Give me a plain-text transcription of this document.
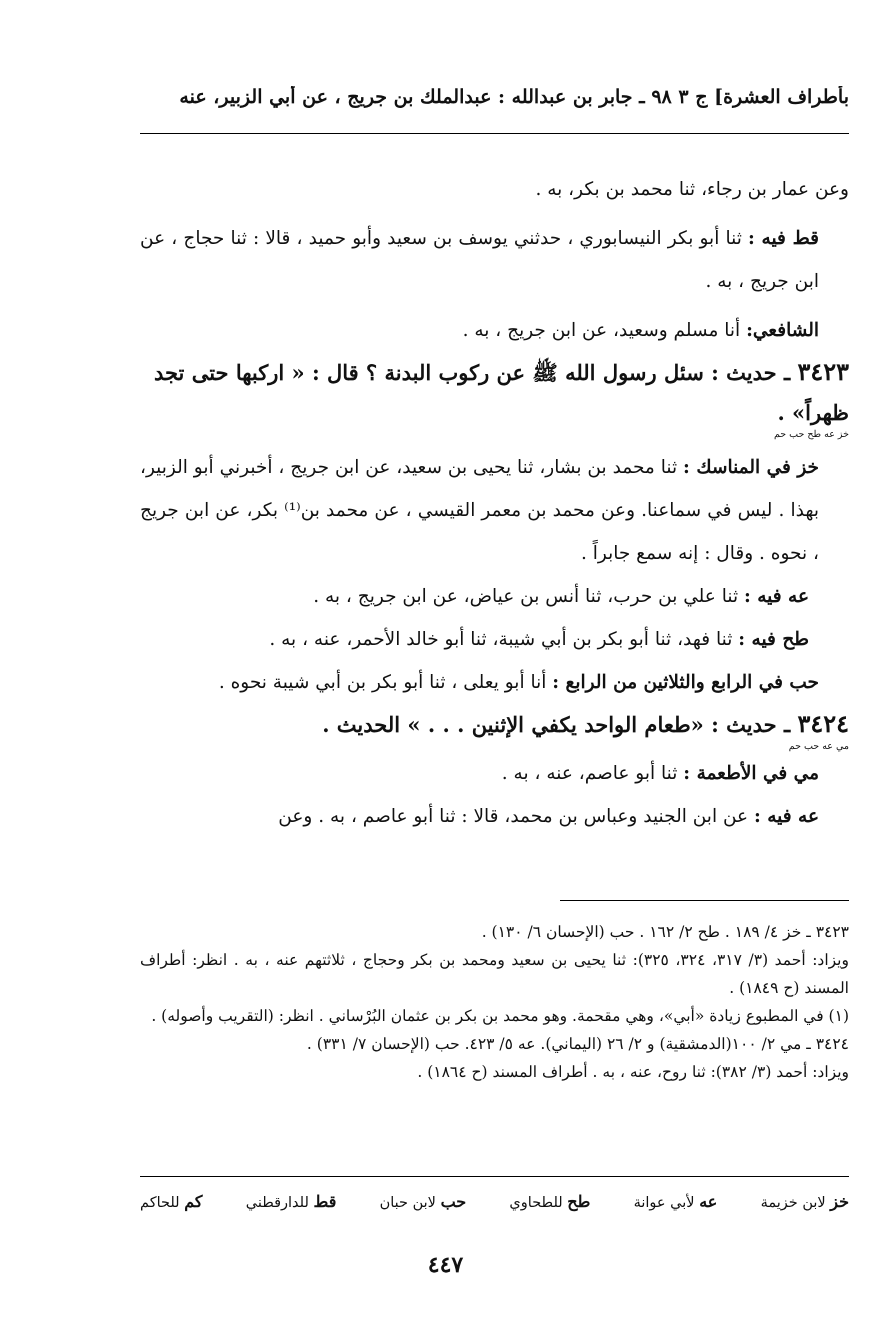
بأطراف العشرة] ج ٣ ٩٨ ـ جابر بن عبدالله : عبدالملك بن جريج ، عن أبي الزبير، عنه

وعن عمار بن رجاء، ثنا محمد بن بكر، به .

قط فيه : ثنا أبو بكر النيسابوري ، حدثني يوسف بن سعيد وأبو حميد ، قالا : ثنا حجاج ، عن ابن جريج ، به .

الشافعي: أنا مسلم وسعيد، عن ابن جريج ، به .

٣٤٢٣ ـ حديث : سئل رسول الله ﷺ عن ركوب البدنة ؟ قال : « اركبها حتى تجد ظهراً» .
خز عه طح حب حم

خز في المناسك : ثنا محمد بن بشار، ثنا يحيى بن سعيد، عن ابن جريج ، أخبرني أبو الزبير، بهذا . ليس في سماعنا. وعن محمد بن معمر القيسي ، عن محمد بن⁽¹⁾ بكر، عن ابن جريج ، نحوه . وقال : إنه سمع جابراً .

عه فيه : ثنا علي بن حرب، ثنا أنس بن عياض، عن ابن جريج ، به .

طح فيه : ثنا فهد، ثنا أبو بكر بن أبي شيبة، ثنا أبو خالد الأحمر، عنه ، به .

حب في الرابع والثلاثين من الرابع : أنا أبو يعلى ، ثنا أبو بكر بن أبي شيبة نحوه .

٣٤٢٤ ـ حديث : «طعام الواحد يكفي الإثنين . . . » الحديث .
مي عه حب حم

مي في الأطعمة : ثنا أبو عاصم، عنه ، به .

عه فيه : عن ابن الجنيد وعباس بن محمد، قالا : ثنا أبو عاصم ، به . وعن

٣٤٢٣ ـ خز ٤/ ١٨٩ . طح ٢/ ١٦٢ . حب (الإحسان ٦/ ١٣٠) .

ويزاد: أحمد (٣/ ٣١٧، ٣٢٤، ٣٢٥): ثنا يحيى بن سعيد ومحمد بن بكر وحجاج ، ثلاثتهم عنه ، به . انظر: أطراف المسند (ح ١٨٤٩) .

(١) في المطبوع زيادة «أبي»، وهي مقحمة. وهو محمد بن بكر بن عثمان البُرْساني . انظر: (التقريب وأصوله) .

٣٤٢٤ ـ مي ٢/ ١٠٠(الدمشقية) و ٢/ ٢٦ (اليماني). عه ٥/ ٤٢٣. حب (الإحسان ٧/ ٣٣١) .

ويزاد: أحمد (٣/ ٣٨٢): ثنا روح، عنه ، به . أطراف المسند (ح ١٨٦٤) .

خز لابن خزيمة
عه لأبي عوانة
طح للطحاوي
حب لابن حبان
قط للدارقطني
كم للحاكم
٤٤٧
